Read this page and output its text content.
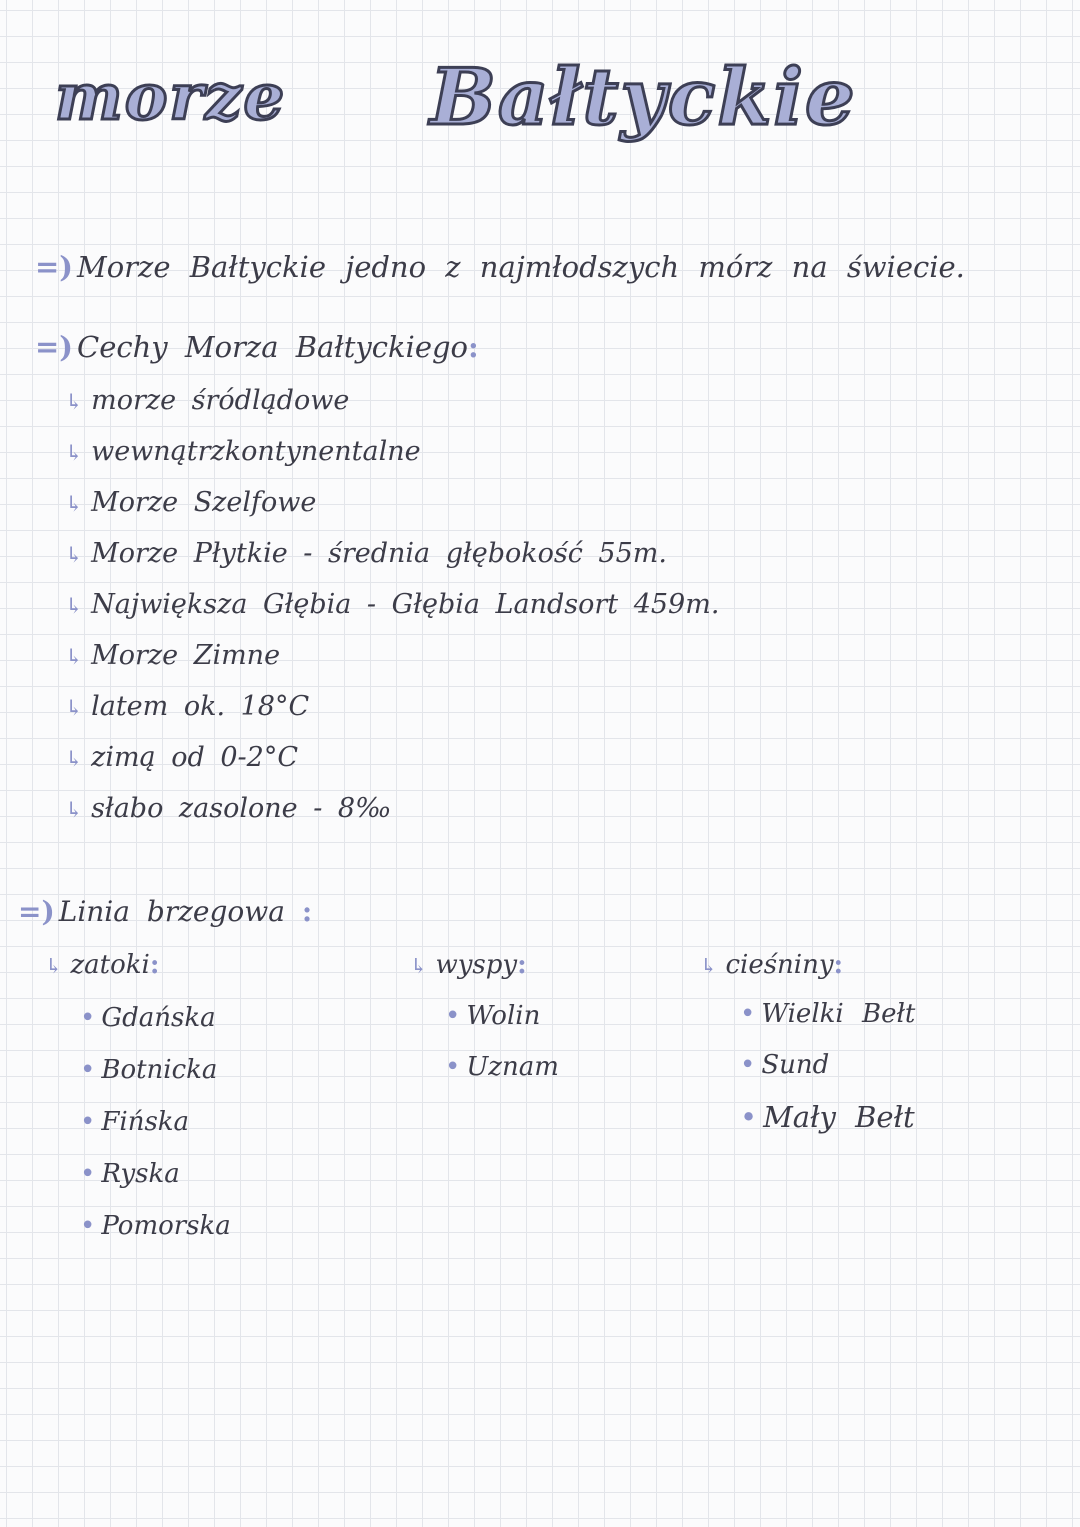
morze Bałtyckie
=) Morze Bałtyckie jedno z najmłodszych mórz na świecie.
=) Cechy Morza Bałtyckiego:
↳ morze śródlądowe
↳ wewnątrzkontynentalne
↳ Morze Szelfowe
↳ Morze Płytkie - średnia głębokość 55m.
↳ Największa Głębia - Głębia Landsort 459m.
↳ Morze Zimne
↳ latem ok. 18°C
↳ zimą od 0-2°C
↳ słabo zasolone - 8‰
=) Linia brzegowa :
↳ zatoki:
• Gdańska
• Botnicka
• Fińska
• Ryska
• Pomorska
↳ wyspy:
• Wolin
• Uznam
↳ cieśniny:
• Wielki Bełt
• Sund
• Mały Bełt
